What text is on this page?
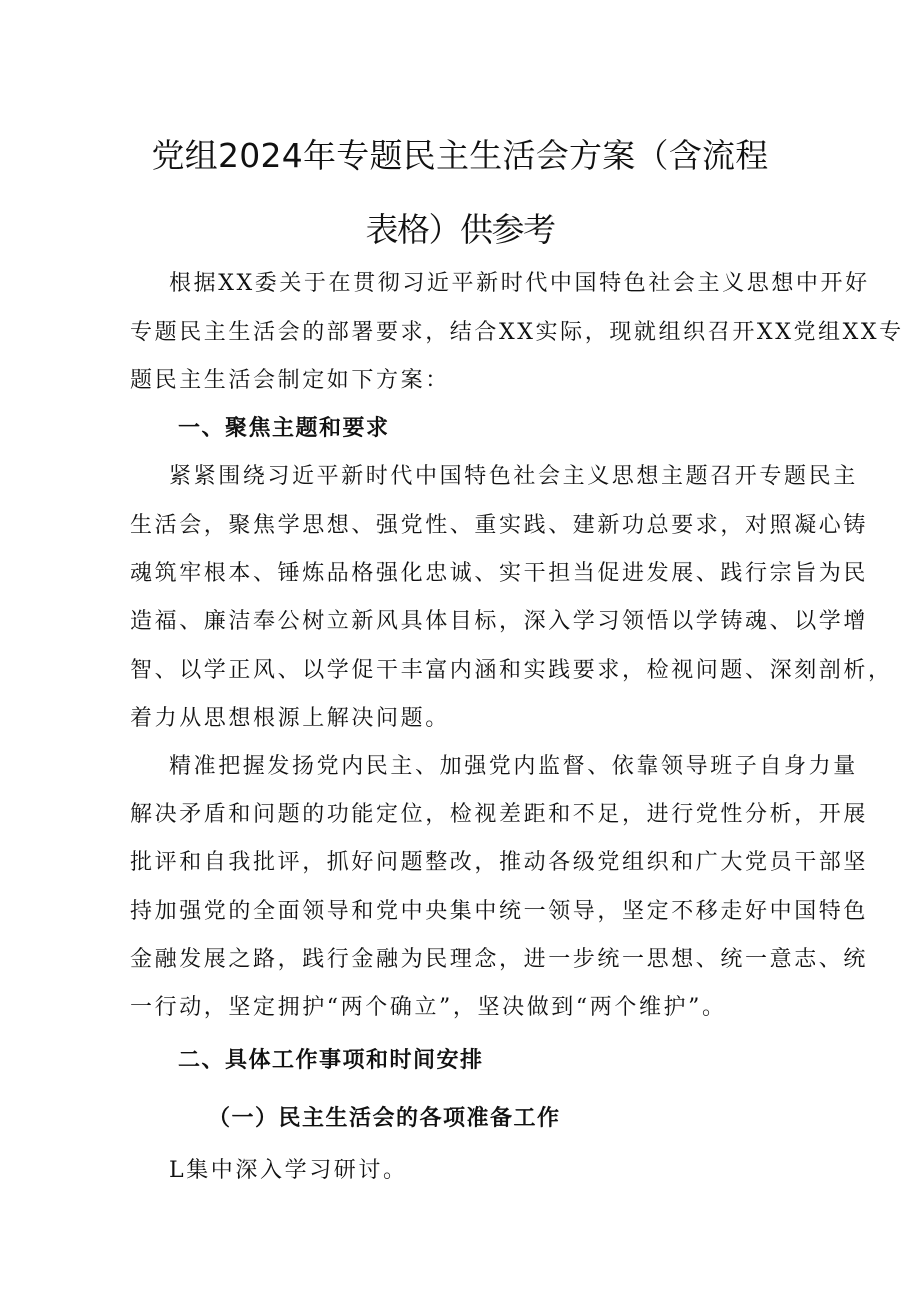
党组2024年专题民主生活会方案（含流程
表格）供参考
根据XX委关于在贯彻习近平新时代中国特色社会主义思想中开好
专题民主生活会的部署要求，结合XX实际，现就组织召开XX党组XX专
题民主生活会制定如下方案：
一、聚焦主题和要求
紧紧围绕习近平新时代中国特色社会主义思想主题召开专题民主
生活会，聚焦学思想、强党性、重实践、建新功总要求，对照凝心铸
魂筑牢根本、锤炼品格强化忠诚、实干担当促进发展、践行宗旨为民
造福、廉洁奉公树立新风具体目标，深入学习领悟以学铸魂、以学增
智、以学正风、以学促干丰富内涵和实践要求，检视问题、深刻剖析，
着力从思想根源上解决问题。
精准把握发扬党内民主、加强党内监督、依靠领导班子自身力量
解决矛盾和问题的功能定位，检视差距和不足，进行党性分析，开展
批评和自我批评，抓好问题整改，推动各级党组织和广大党员干部坚
持加强党的全面领导和党中央集中统一领导，坚定不移走好中国特色
金融发展之路，践行金融为民理念，进一步统一思想、统一意志、统
一行动，坚定拥护“两个确立”，坚决做到“两个维护”。
二、具体工作事项和时间安排
（一）民主生活会的各项准备工作
L集中深入学习研讨。
